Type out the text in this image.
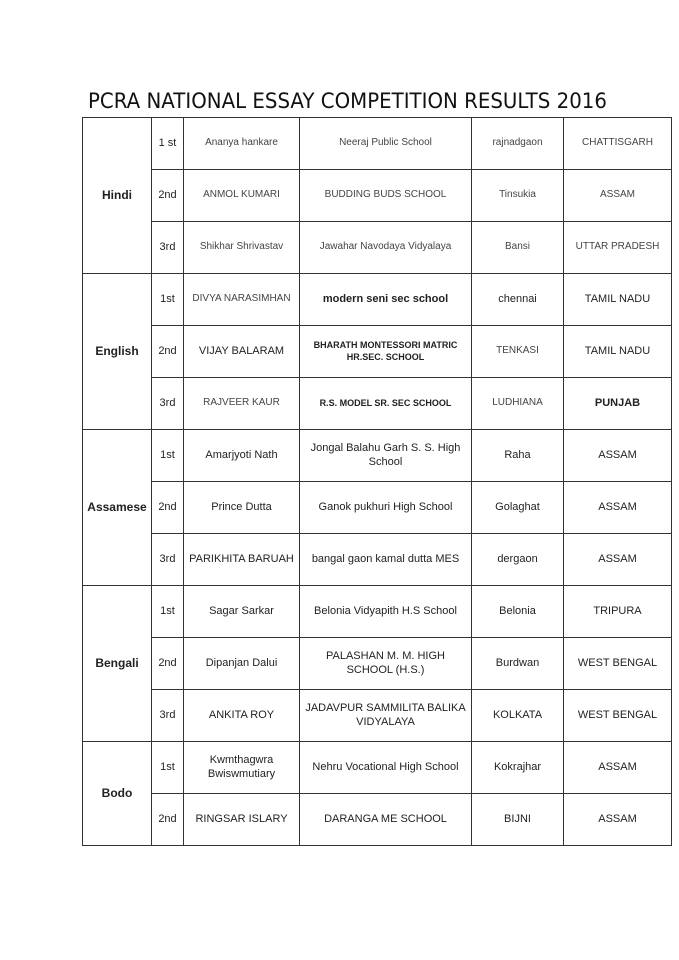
PCRA NATIONAL ESSAY COMPETITION RESULTS 2016
Hindi	1 st	Ananya hankare	Neeraj Public School	rajnadgaon	CHATTISGARH
	2nd	ANMOL KUMARI	BUDDING BUDS SCHOOL	Tinsukia	ASSAM
	3rd	Shikhar Shrivastav	Jawahar Navodaya Vidyalaya	Bansi	UTTAR PRADESH
English	1st	DIVYA NARASIMHAN	modern seni sec school	chennai	TAMIL NADU
	2nd	VIJAY BALARAM	BHARATH MONTESSORI MATRIC HR.SEC. SCHOOL	TENKASI	TAMIL NADU
	3rd	RAJVEER KAUR	R.S. MODEL SR. SEC SCHOOL	LUDHIANA	PUNJAB
Assamese	1st	Amarjyoti Nath	Jongal Balahu Garh S. S. High School	Raha	ASSAM
	2nd	Prince Dutta	Ganok pukhuri High School	Golaghat	ASSAM
	3rd	PARIKHITA BARUAH	bangal gaon kamal dutta MES	dergaon	ASSAM
Bengali	1st	Sagar Sarkar	Belonia Vidyapith H.S School	Belonia	TRIPURA
	2nd	Dipanjan Dalui	PALASHAN M. M. HIGH SCHOOL (H.S.)	Burdwan	WEST BENGAL
	3rd	ANKITA ROY	JADAVPUR SAMMILITA BALIKA VIDYALAYA	KOLKATA	WEST BENGAL
Bodo	1st	Kwmthagwra Bwiswmutiary	Nehru Vocational High School	Kokrajhar	ASSAM
	2nd	RINGSAR ISLARY	DARANGA ME SCHOOL	BIJNI	ASSAM
